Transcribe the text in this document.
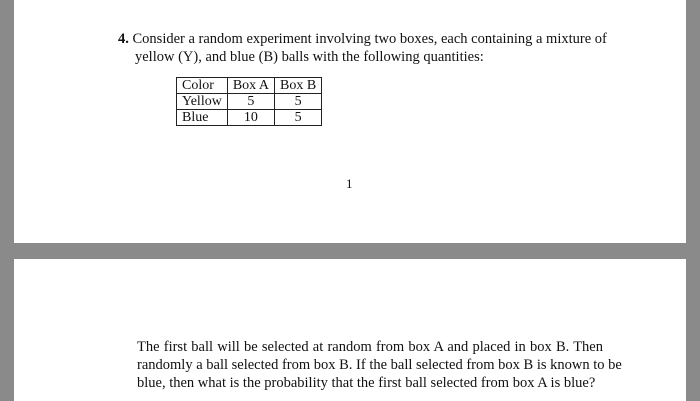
4. Consider a random experiment involving two boxes, each containing a mixture of
yellow (Y), and blue (B) balls with the following quantities:
Color	Box A	Box B
Yellow	5	5
Blue	10	5
1
The first ball will be selected at random from box A and placed in box B. Then
randomly a ball selected from box B. If the ball selected from box B is known to be
blue, then what is the probability that the first ball selected from box A is blue?
